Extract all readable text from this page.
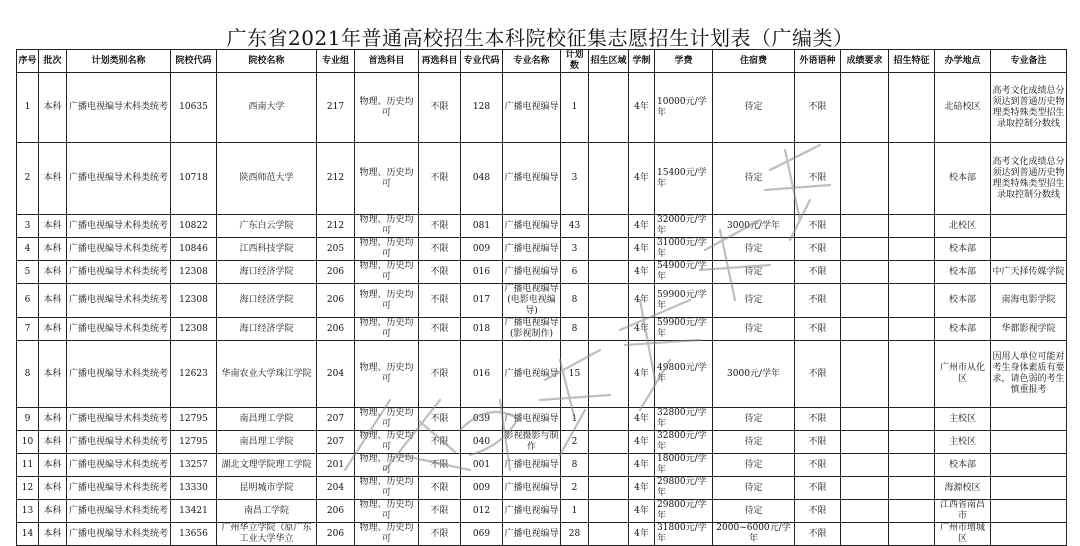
广东省2021年普通高校招生本科院校征集志愿招生计划表（广编类）
序号	批次	计划类别名称	院校代码	院校名称	专业组	首选科目	再选科目	专业代码	专业名称	计划数	招生区域	学制	学费	住宿费	外语语种	成绩要求	招生特征	办学地点	专业备注
1	本科	广播电视编导术科类统考	10635	西南大学	217	物理、历史均可	不限	128	广播电视编导	1		4年	10000元/学年	待定	不限			北碚校区	高考文化成绩总分须达到普通历史物理类特殊类型招生录取控制分数线
2	本科	广播电视编导术科类统考	10718	陕西师范大学	212	物理、历史均可	不限	048	广播电视编导	3		4年	15400元/学年	待定	不限			校本部	高考文化成绩总分须达到普通历史物理类特殊类型招生录取控制分数线
3	本科	广播电视编导术科类统考	10822	广东白云学院	212	物理、历史均可	不限	081	广播电视编导	43		4年	32000元/学年	3000元/学年	不限			北校区	
4	本科	广播电视编导术科类统考	10846	江西科技学院	205	物理、历史均可	不限	009	广播电视编导	3		4年	31000元/学年	待定	不限			校本部	
5	本科	广播电视编导术科类统考	12308	海口经济学院	206	物理、历史均可	不限	016	广播电视编导	6		4年	54900元/学年	待定	不限			校本部	中广天择传媒学院
6	本科	广播电视编导术科类统考	12308	海口经济学院	206	物理、历史均可	不限	017	广播电视编导(电影电视编导)	8		4年	59900元/学年	待定	不限			校本部	南海电影学院
7	本科	广播电视编导术科类统考	12308	海口经济学院	206	物理、历史均可	不限	018	广播电视编导(影视制作)	8		4年	59900元/学年	待定	不限			校本部	华都影视学院
8	本科	广播电视编导术科类统考	12623	华南农业大学珠江学院	204	物理、历史均可	不限	016	广播电视编导	15		4年	49800元/学年	3000元/学年	不限			广州市从化区	因用人单位可能对考生身体素质有要求，请色弱的考生慎重报考
9	本科	广播电视编导术科类统考	12795	南昌理工学院	207	物理、历史均可	不限	039	广播电视编导	1		4年	32800元/学年	待定	不限			主校区	
10	本科	广播电视编导术科类统考	12795	南昌理工学院	207	物理、历史均可	不限	040	影视摄影与制作	2		4年	32800元/学年	待定	不限			主校区	
11	本科	广播电视编导术科类统考	13257	湖北文理学院理工学院	201	物理、历史均可	不限	001	广播电视编导	8		4年	18000元/学年	待定	不限			校本部	
12	本科	广播电视编导术科类统考	13330	昆明城市学院	204	物理、历史均可	不限	009	广播电视编导	2		4年	29800元/学年	待定	不限			海源校区	
13	本科	广播电视编导术科类统考	13421	南昌工学院	206	物理、历史均可	不限	012	广播电视编导	1		4年	29800元/学年	待定	不限			江西省南昌市	
14	本科	广播电视编导术科类统考	13656	广州华立学院（原广东工业大学华立	206	物理、历史均可	不限	069	广播电视编导	28		4年	31800元/学年	2000~6000元/学年	不限			广州市增城区	
